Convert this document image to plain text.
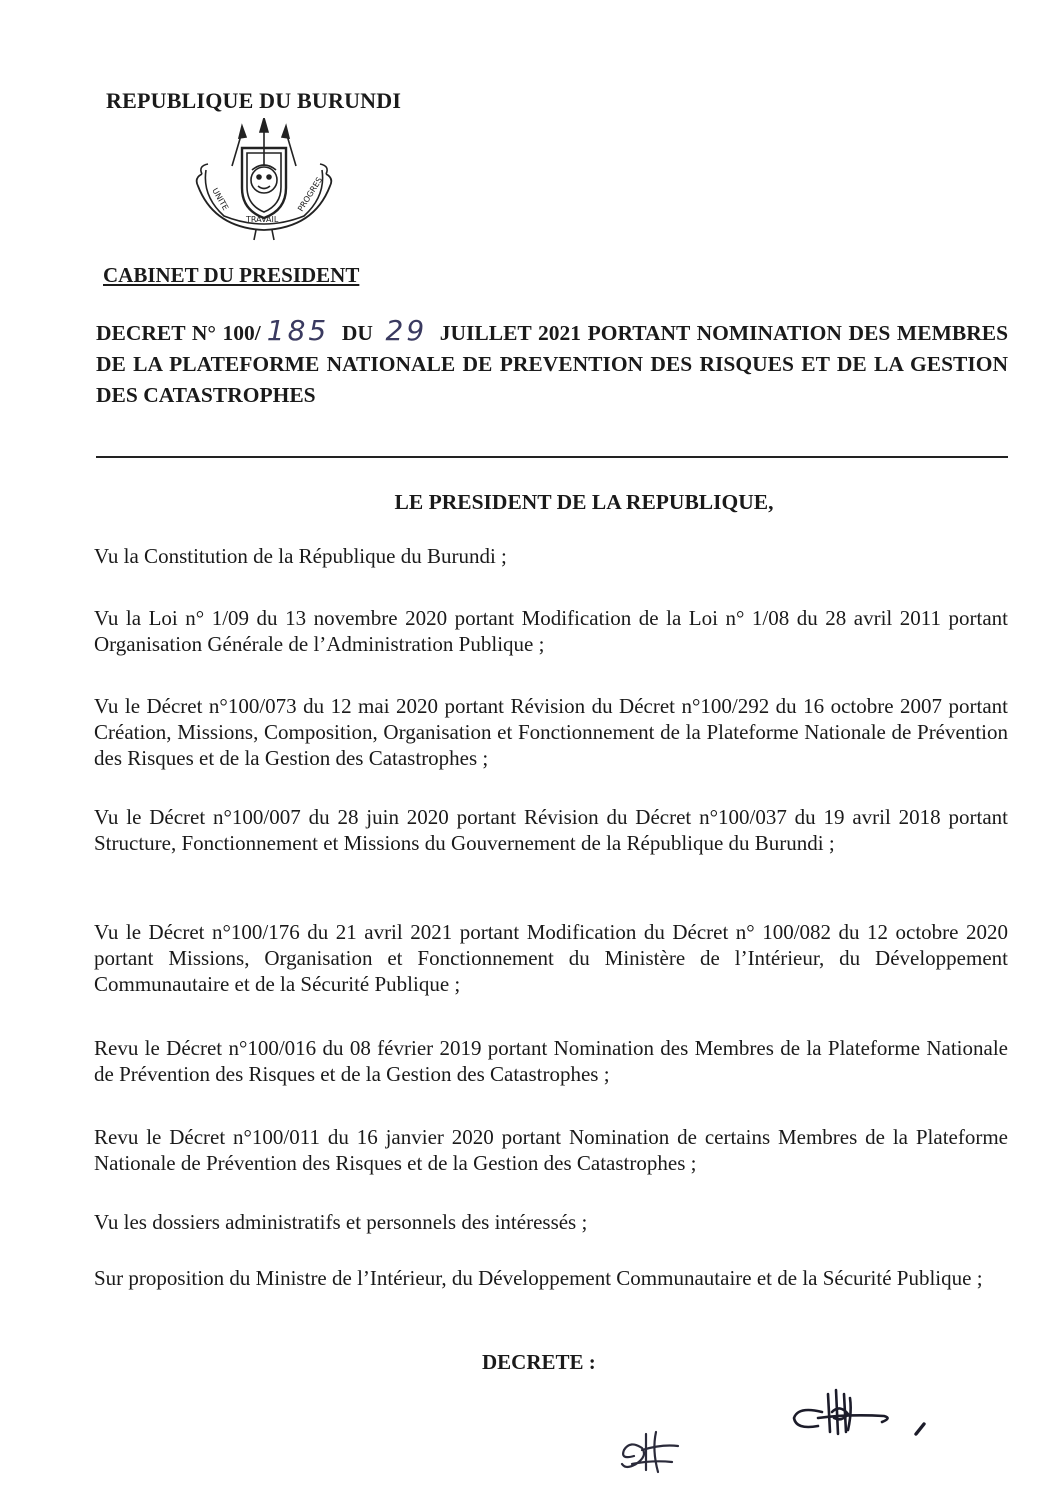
REPUBLIQUE DU BURUNDI
UNITE
TRAVAIL
PROGRES
CABINET DU PRESIDENT
DECRET N° 100/ 185 DU 29 JUILLET 2021 PORTANT NOMINATION DES MEMBRES DE LA PLATEFORME NATIONALE DE PREVENTION DES RISQUES ET DE LA GESTION DES CATASTROPHES
LE PRESIDENT DE LA REPUBLIQUE,
Vu la Constitution de la République du Burundi ;
Vu la Loi n° 1/09 du 13 novembre 2020 portant Modification de la Loi n° 1/08 du 28 avril 2011 portant Organisation Générale de l’Administration Publique ;
Vu le Décret n°100/073 du 12 mai 2020 portant Révision du Décret n°100/292 du 16 octobre 2007 portant Création, Missions, Composition, Organisation et Fonctionnement de la Plateforme Nationale de Prévention des Risques et de la Gestion des Catastrophes ;
Vu le Décret n°100/007 du 28 juin 2020 portant Révision du Décret n°100/037 du 19 avril 2018 portant Structure, Fonctionnement et Missions du Gouvernement de la République du Burundi ;
Vu le Décret n°100/176 du 21 avril 2021 portant Modification du Décret n° 100/082 du 12 octobre 2020 portant Missions, Organisation et Fonctionnement du Ministère de l’Intérieur, du Développement Communautaire et de la Sécurité Publique ;
Revu le Décret n°100/016 du 08 février 2019 portant Nomination des Membres de la Plateforme Nationale de Prévention des Risques et de la Gestion des Catastrophes ;
Revu le Décret n°100/011 du 16 janvier 2020 portant Nomination de certains Membres de la Plateforme Nationale de Prévention des Risques et de la Gestion des Catastrophes ;
Vu les dossiers administratifs et personnels des intéressés ;
Sur proposition du Ministre de l’Intérieur, du Développement Communautaire et de la Sécurité Publique ;
DECRETE :
